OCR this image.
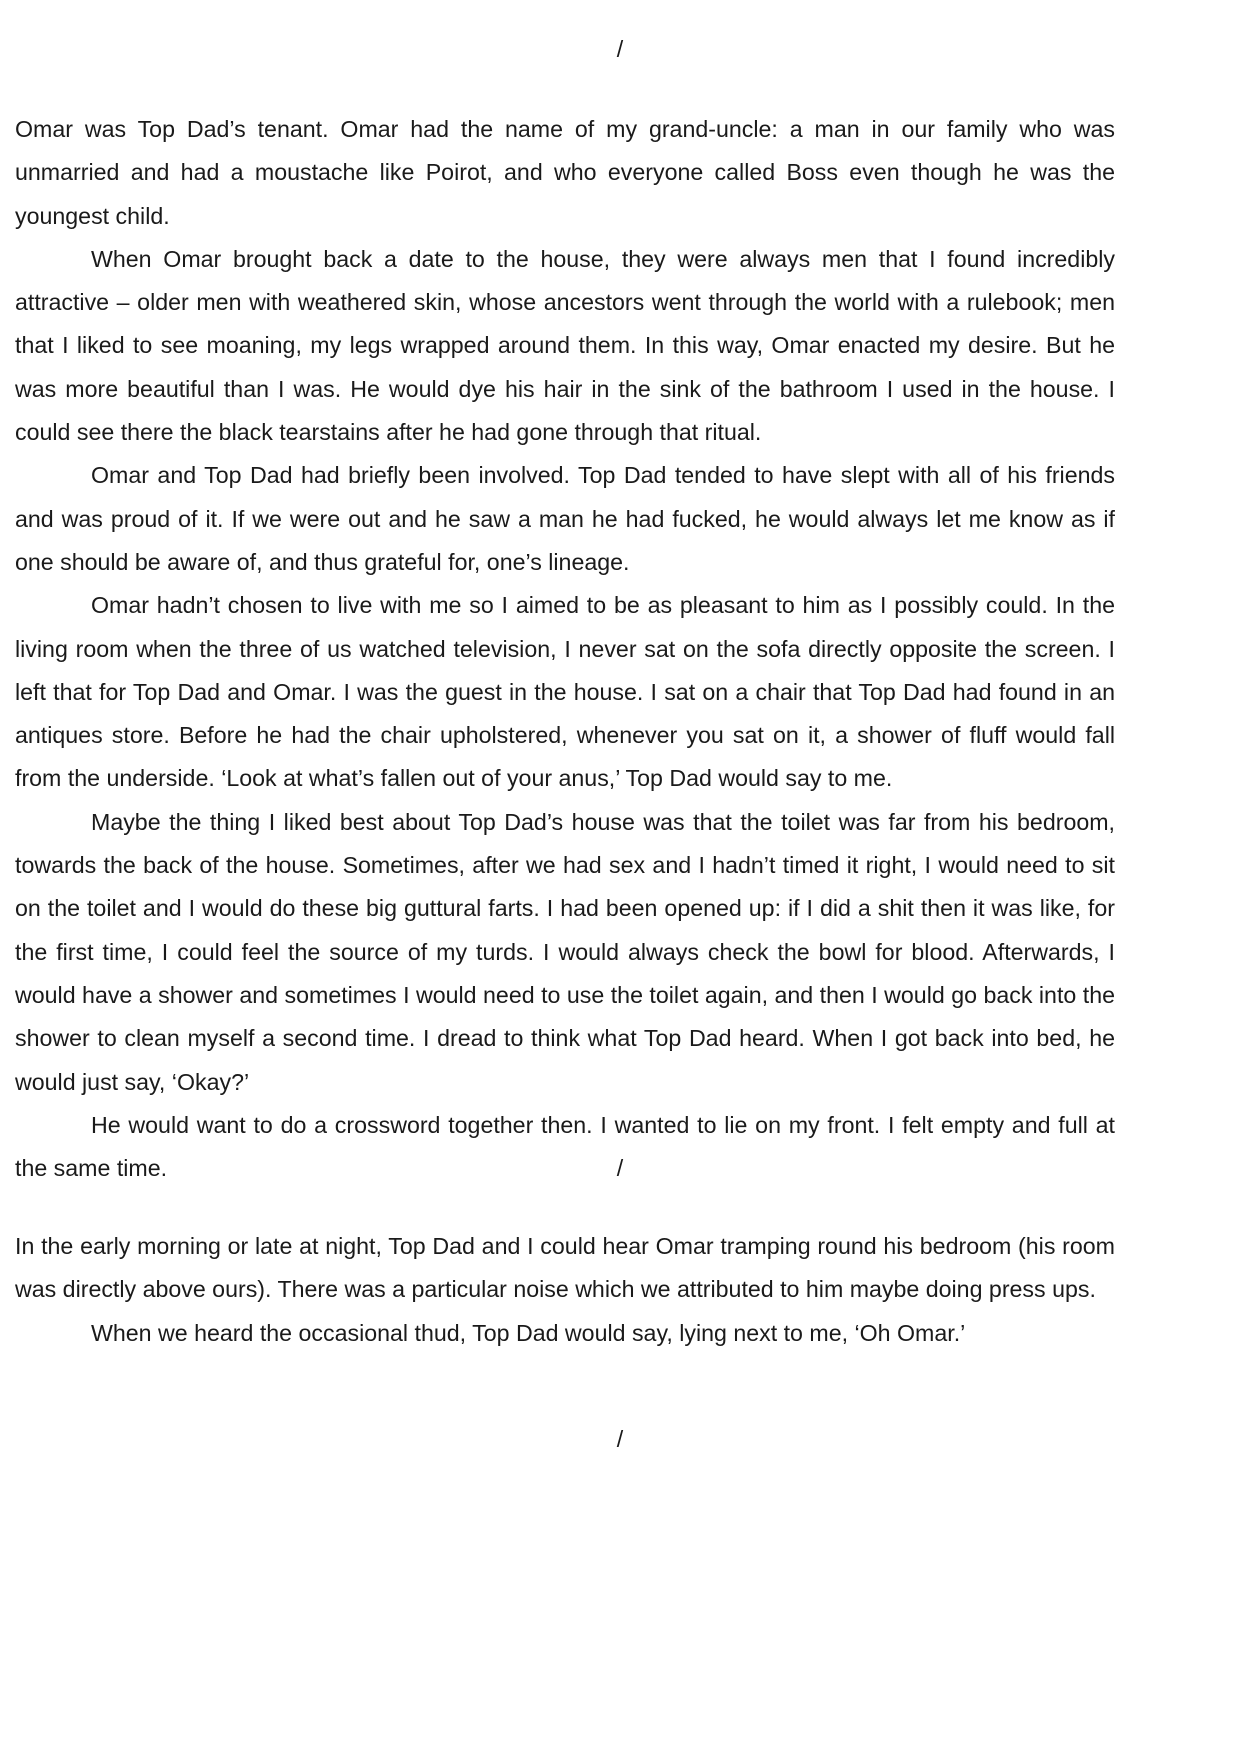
/

Omar was Top Dad’s tenant. Omar had the name of my grand-uncle: a man in our family who was unmarried and had a moustache like Poirot, and who everyone called Boss even though he was the youngest child.

When Omar brought back a date to the house, they were always men that I found incredibly attractive – older men with weathered skin, whose ancestors went through the world with a rulebook; men that I liked to see moaning, my legs wrapped around them. In this way, Omar enacted my desire. But he was more beautiful than I was. He would dye his hair in the sink of the bathroom I used in the house. I could see there the black tearstains after he had gone through that ritual.

Omar and Top Dad had briefly been involved. Top Dad tended to have slept with all of his friends and was proud of it. If we were out and he saw a man he had fucked, he would always let me know as if one should be aware of, and thus grateful for, one’s lineage.

Omar hadn’t chosen to live with me so I aimed to be as pleasant to him as I possibly could. In the living room when the three of us watched television, I never sat on the sofa directly opposite the screen. I left that for Top Dad and Omar. I was the guest in the house. I sat on a chair that Top Dad had found in an antiques store. Before he had the chair upholstered, whenever you sat on it, a shower of fluff would fall from the underside. ‘Look at what’s fallen out of your anus,’ Top Dad would say to me.

Maybe the thing I liked best about Top Dad’s house was that the toilet was far from his bedroom, towards the back of the house. Sometimes, after we had sex and I hadn’t timed it right, I would need to sit on the toilet and I would do these big guttural farts. I had been opened up: if I did a shit then it was like, for the first time, I could feel the source of my turds. I would always check the bowl for blood. Afterwards, I would have a shower and sometimes I would need to use the toilet again, and then I would go back into the shower to clean myself a second time. I dread to think what Top Dad heard. When I got back into bed, he would just say, ‘Okay?’

He would want to do a crossword together then. I wanted to lie on my front. I felt empty and full at the same time.	/

In the early morning or late at night, Top Dad and I could hear Omar tramping round his bedroom (his room was directly above ours). There was a particular noise which we attributed to him maybe doing press ups.

When we heard the occasional thud, Top Dad would say, lying next to me, ‘Oh Omar.’

/
